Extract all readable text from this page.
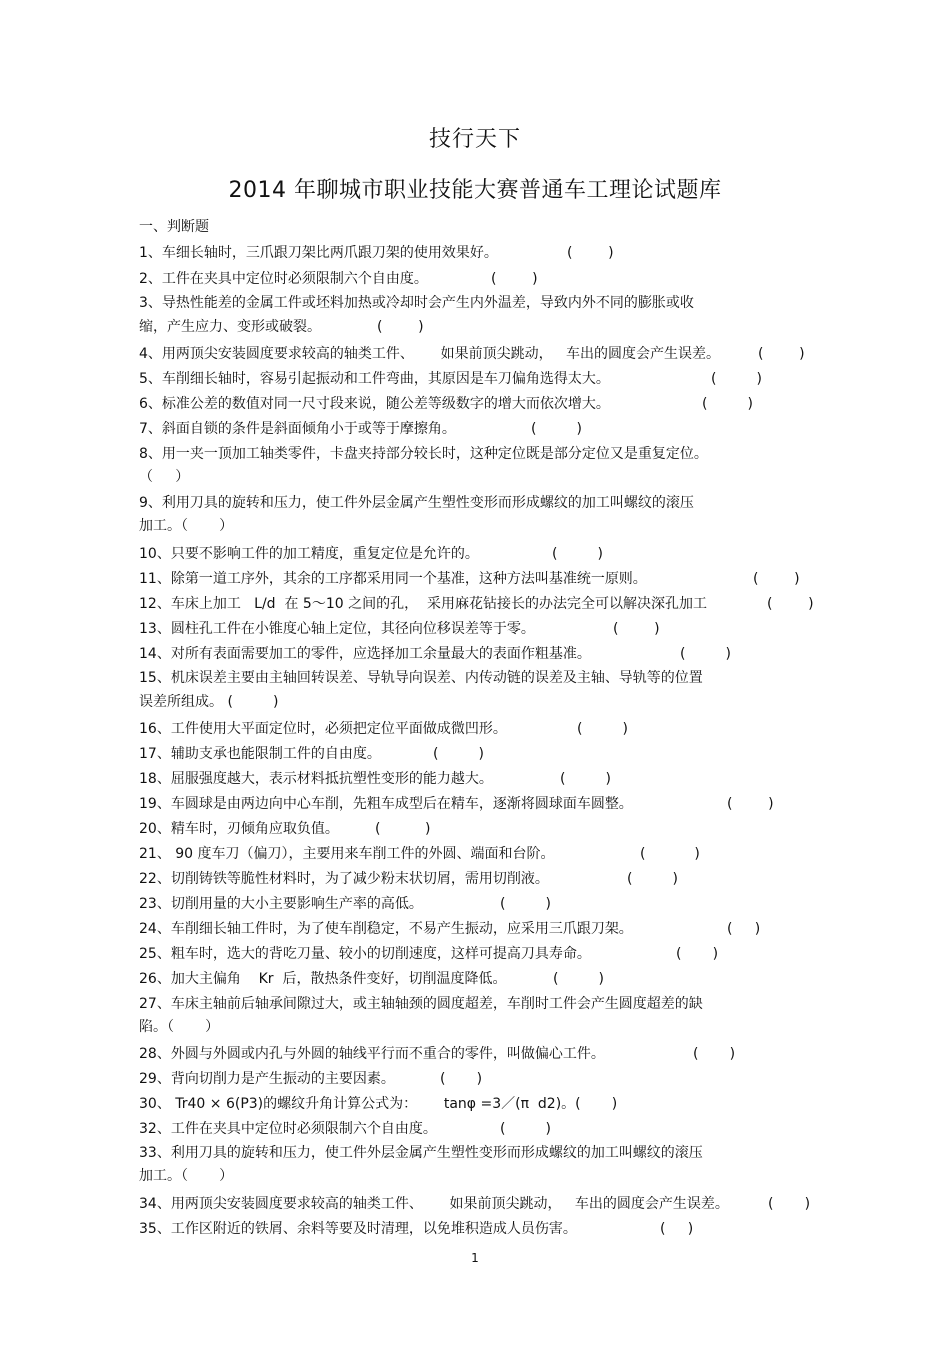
技行天下
2014 年聊城市职业技能大赛普通车工理论试题库
一、判断题
1、车细长轴时，三爪跟刀架比两爪跟刀架的使用效果好。	(        )
2、工件在夹具中定位时必须限制六个自由度。	(        )
3、导热性能差的金属工件或坯料加热或冷却时会产生内外温差，导致内外不同的膨胀或收
缩，产生应力、变形或破裂。	(        )
4、用两顶尖安装圆度要求较高的轴类工件、      如果前顶尖跳动，   车出的圆度会产生误差。	(        )
5、车削细长轴时，容易引起振动和工件弯曲，其原因是车刀偏角选得太大。	(         )
6、标准公差的数值对同一尺寸段来说，随公差等级数字的增大而依次增大。	(         )
7、斜面自锁的条件是斜面倾角小于或等于摩擦角。	(         )
8、用一夹一顶加工轴类零件，卡盘夹持部分较长时，这种定位既是部分定位又是重复定位。
（     ）
9、利用刀具的旋转和压力，使工件外层金属产生塑性变形而形成螺纹的加工叫螺纹的滚压
加工。（       ）
10、只要不影响工件的加工精度，重复定位是允许的。	(         )
11、除第一道工序外，其余的工序都采用同一个基准，这种方法叫基准统一原则。	(        )
12、车床上加工   L/d  在 5～10 之间的孔，  采用麻花钻接长的办法完全可以解决深孔加工	(        )
13、圆柱孔工件在小锥度心轴上定位，其径向位移误差等于零。	(        )
14、对所有表面需要加工的零件，应选择加工余量最大的表面作粗基准。	(         )
15、机床误差主要由主轴回转误差、导轨导向误差、内传动链的误差及主轴、导轨等的位置
误差所组成。 (         )
16、工件使用大平面定位时，必须把定位平面做成微凹形。	(         )
17、辅助支承也能限制工件的自由度。	(         )
18、屈服强度越大，表示材料抵抗塑性变形的能力越大。	(         )
19、车圆球是由两边向中心车削，先粗车成型后在精车，逐渐将圆球面车圆整。	(        )
20、精车时，刃倾角应取负值。	(          )
21、 90 度车刀（偏刀），主要用来车削工件的外圆、端面和台阶。	(           )
22、切削铸铁等脆性材料时，为了减少粉末状切屑，需用切削液。	(         )
23、切削用量的大小主要影响生产率的高低。	(         )
24、车削细长轴工件时，为了使车削稳定，不易产生振动，应采用三爪跟刀架。	(     )
25、粗车时，选大的背吃刀量、较小的切削速度，这样可提高刀具寿命。	(       )
26、加大主偏角    Kr  后，散热条件变好，切削温度降低。	(         )
27、车床主轴前后轴承间隙过大，或主轴轴颈的圆度超差，车削时工件会产生圆度超差的缺
陷。（       ）
28、外圆与外圆或内孔与外圆的轴线平行而不重合的零件，叫做偏心工件。	(       )
29、背向切削力是产生振动的主要因素。	(       )
30、 Tr40 × 6(P3)的螺纹升角计算公式为：      tanφ =3／(π  d2)。(       )
32、工件在夹具中定位时必须限制六个自由度。	(         )
33、利用刀具的旋转和压力，使工件外层金属产生塑性变形而形成螺纹的加工叫螺纹的滚压
加工。（       ）
34、用两顶尖安装圆度要求较高的轴类工件、      如果前顶尖跳动，   车出的圆度会产生误差。	(       )
35、工作区附近的铁屑、余料等要及时清理，以免堆积造成人员伤害。	(     )
1
